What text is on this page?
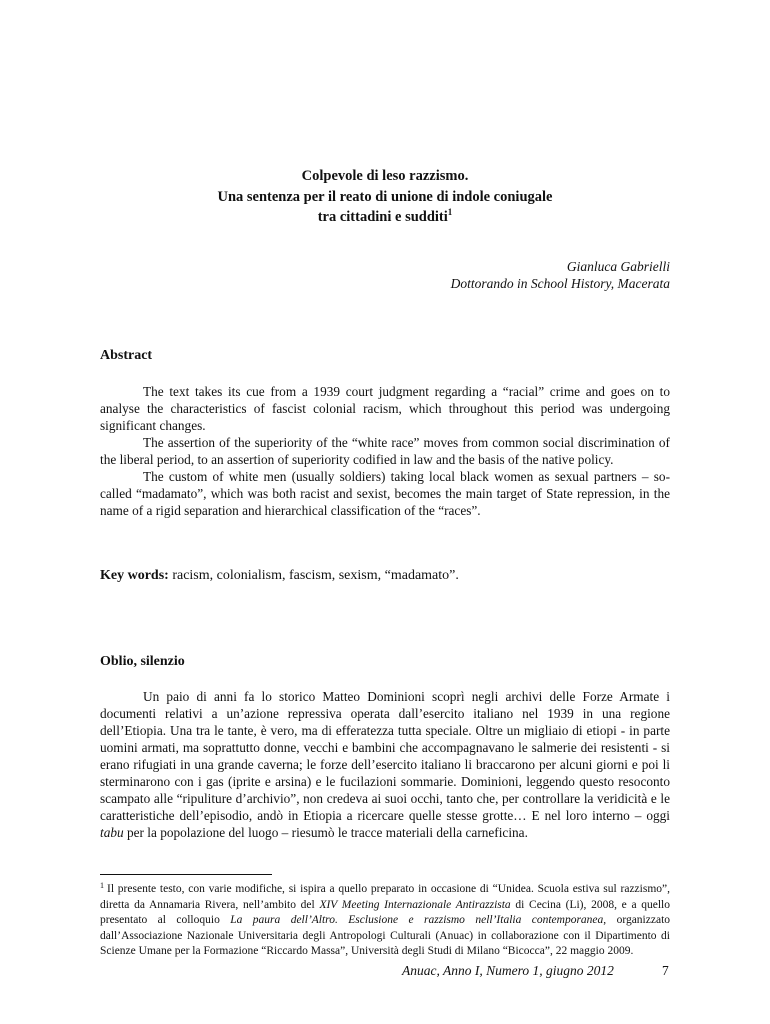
Colpevole di leso razzismo.
Una sentenza per il reato di unione di indole coniugale
tra cittadini e sudditi$^1$
Gianluca Gabrielli
Dottorando in School History, Macerata
Abstract

The text takes its cue from a 1939 court judgment regarding a “racial” crime and goes on to analyse the characteristics of fascist colonial racism, which throughout this period was undergoing significant changes.

The assertion of the superiority of the “white race” moves from common social discrimination of the liberal period, to an assertion of superiority codified in law and the basis of the native policy.

The custom of white men (usually soldiers) taking local black women as sexual partners – so-called “madamato”, which was both racist and sexist, becomes the main target of State repression, in the name of a rigid separation and hierarchical classification of the “races”.

Key words: racism, colonialism, fascism, sexism, “madamato”.
Oblio, silenzio

Un paio di anni fa lo storico Matteo Dominioni scoprì negli archivi delle Forze Armate i documenti relativi a un’azione repressiva operata dall’esercito italiano nel 1939 in una regione dell’Etiopia. Una tra le tante, è vero, ma di efferatezza tutta speciale. Oltre un migliaio di etiopi - in parte uomini armati, ma soprattutto donne, vecchi e bambini che accompagnavano le salmerie dei resistenti - si erano rifugiati in una grande caverna; le forze dell’esercito italiano li braccarono per alcuni giorni e poi li sterminarono con i gas (iprite e arsina) e le fucilazioni sommarie. Dominioni, leggendo questo resoconto scampato alle “ripuliture d’archivio”, non credeva ai suoi occhi, tanto che, per controllare la veridicità e le caratteristiche dell’episodio, andò in Etiopia a ricercare quelle stesse grotte… E nel loro interno – oggi tabu per la popolazione del luogo – riesumò le tracce materiali della carneficina.

$^1$ Il presente testo, con varie modifiche, si ispira a quello preparato in occasione di “Unidea. Scuola estiva sul razzismo”, diretta da Annamaria Rivera, nell’ambito del XIV Meeting Internazionale Antirazzista di Cecina (Li), 2008, e a quello presentato al colloquio La paura dell’Altro. Esclusione e razzismo nell’Italia contemporanea, organizzato dall’Associazione Nazionale Universitaria degli Antropologi Culturali (Anuac) in collaborazione con il Dipartimento di Scienze Umane per la Formazione “Riccardo Massa”, Università degli Studi di Milano “Bicocca”, 22 maggio 2009.
Anuac, Anno I, Numero 1, giugno 2012	7
